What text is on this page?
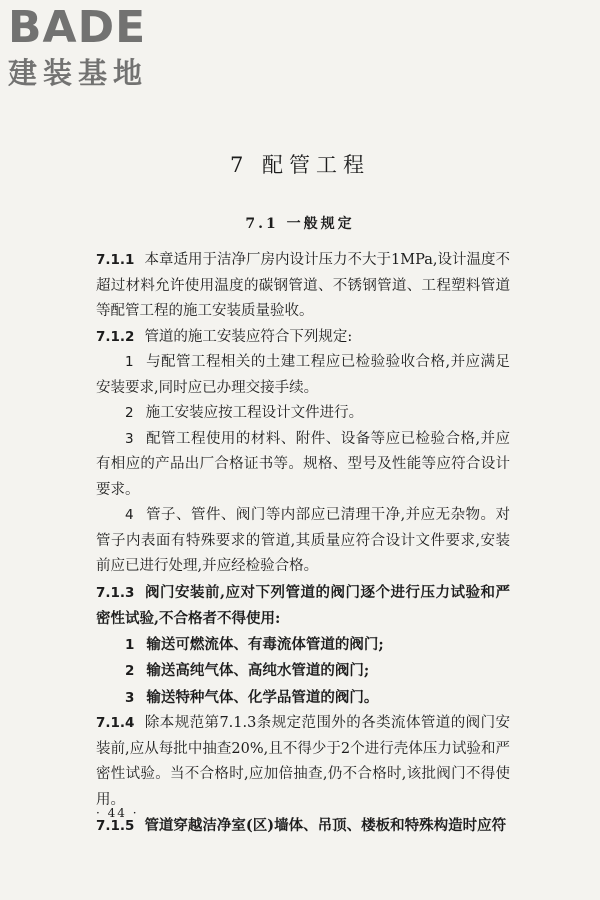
BADE
建装基地
7 配管工程
7.1 一般规定

7.1.1 本章适用于洁净厂房内设计压力不大于1MPa,设计温度不超过材料允许使用温度的碳钢管道、不锈钢管道、工程塑料管道等配管工程的施工安装质量验收。

7.1.2 管道的施工安装应符合下列规定:

1 与配管工程相关的土建工程应已检验验收合格,并应满足安装要求,同时应已办理交接手续。

2 施工安装应按工程设计文件进行。

3 配管工程使用的材料、附件、设备等应已检验合格,并应有相应的产品出厂合格证书等。规格、型号及性能等应符合设计要求。

4 管子、管件、阀门等内部应已清理干净,并应无杂物。对管子内表面有特殊要求的管道,其质量应符合设计文件要求,安装前应已进行处理,并应经检验合格。

7.1.3 阀门安装前,应对下列管道的阀门逐个进行压力试验和严密性试验,不合格者不得使用:

1 输送可燃流体、有毒流体管道的阀门;

2 输送高纯气体、高纯水管道的阀门;

3 输送特种气体、化学品管道的阀门。

7.1.4 除本规范第7.1.3条规定范围外的各类流体管道的阀门安装前,应从每批中抽查20%,且不得少于2个进行壳体压力试验和严密性试验。当不合格时,应加倍抽查,仍不合格时,该批阀门不得使用。

7.1.5 管道穿越洁净室(区)墙体、吊顶、楼板和特殊构造时应符

· 44 ·
